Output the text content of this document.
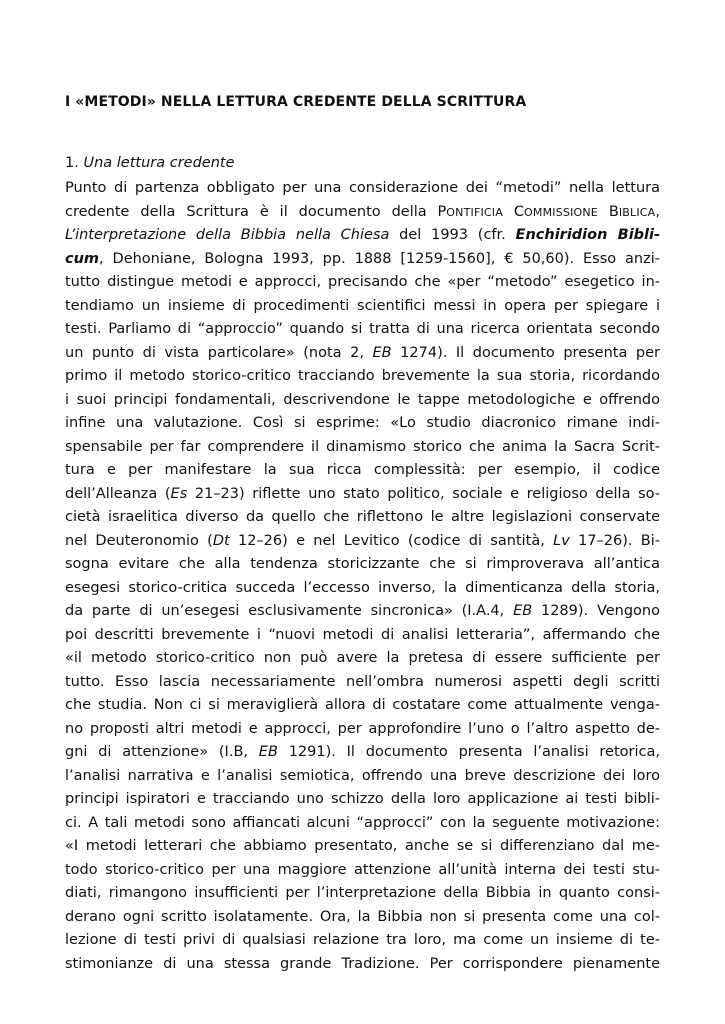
I «METODI» NELLA LETTURA CREDENTE DELLA SCRITTURA
1. Una lettura credente
Punto di partenza obbligato per una considerazione dei “metodi” nella lettura
credente della Scrittura è il documento della PONTIFICIA COMMISSIONE BIBLICA,
L’interpretazione della Bibbia nella Chiesa del 1993 (cfr. Enchiridion Bibli-
cum, Dehoniane, Bologna 1993, pp. 1888 [1259-1560], € 50,60). Esso anzi-
tutto distingue metodi e approcci, precisando che «per “metodo” esegetico in-
tendiamo un insieme di procedimenti scientifici messi in opera per spiegare i
testi. Parliamo di “approccio” quando si tratta di una ricerca orientata secondo
un punto di vista particolare» (nota 2, EB 1274). Il documento presenta per
primo il metodo storico-critico tracciando brevemente la sua storia, ricordando
i suoi principi fondamentali, descrivendone le tappe metodologiche e offrendo
infine una valutazione. Così si esprime: «Lo studio diacronico rimane indi-
spensabile per far comprendere il dinamismo storico che anima la Sacra Scrit-
tura e per manifestare la sua ricca complessità: per esempio, il codice
dell’Alleanza (Es 21–23) riflette uno stato politico, sociale e religioso della so-
cietà israelitica diverso da quello che riflettono le altre legislazioni conservate
nel Deuteronomio (Dt 12–26) e nel Levitico (codice di santità, Lv 17–26). Bi-
sogna evitare che alla tendenza storicizzante che si rimproverava all’antica
esegesi storico-critica succeda l’eccesso inverso, la dimenticanza della storia,
da parte di un’esegesi esclusivamente sincronica» (I.A.4, EB 1289). Vengono
poi descritti brevemente i “nuovi metodi di analisi letteraria”, affermando che
«il metodo storico-critico non può avere la pretesa di essere sufficiente per
tutto. Esso lascia necessariamente nell’ombra numerosi aspetti degli scritti
che studia. Non ci si meraviglierà allora di costatare come attualmente venga-
no proposti altri metodi e approcci, per approfondire l’uno o l’altro aspetto de-
gni di attenzione» (I.B, EB 1291). Il documento presenta l’analisi retorica,
l’analisi narrativa e l’analisi semiotica, offrendo una breve descrizione dei loro
principi ispiratori e tracciando uno schizzo della loro applicazione ai testi bibli-
ci. A tali metodi sono affiancati alcuni “approcci” con la seguente motivazione:
«I metodi letterari che abbiamo presentato, anche se si differenziano dal me-
todo storico-critico per una maggiore attenzione all’unità interna dei testi stu-
diati, rimangono insufficienti per l’interpretazione della Bibbia in quanto consi-
derano ogni scritto isolatamente. Ora, la Bibbia non si presenta come una col-
lezione di testi privi di qualsiasi relazione tra loro, ma come un insieme di te-
stimonianze di una stessa grande Tradizione. Per corrispondere pienamente
